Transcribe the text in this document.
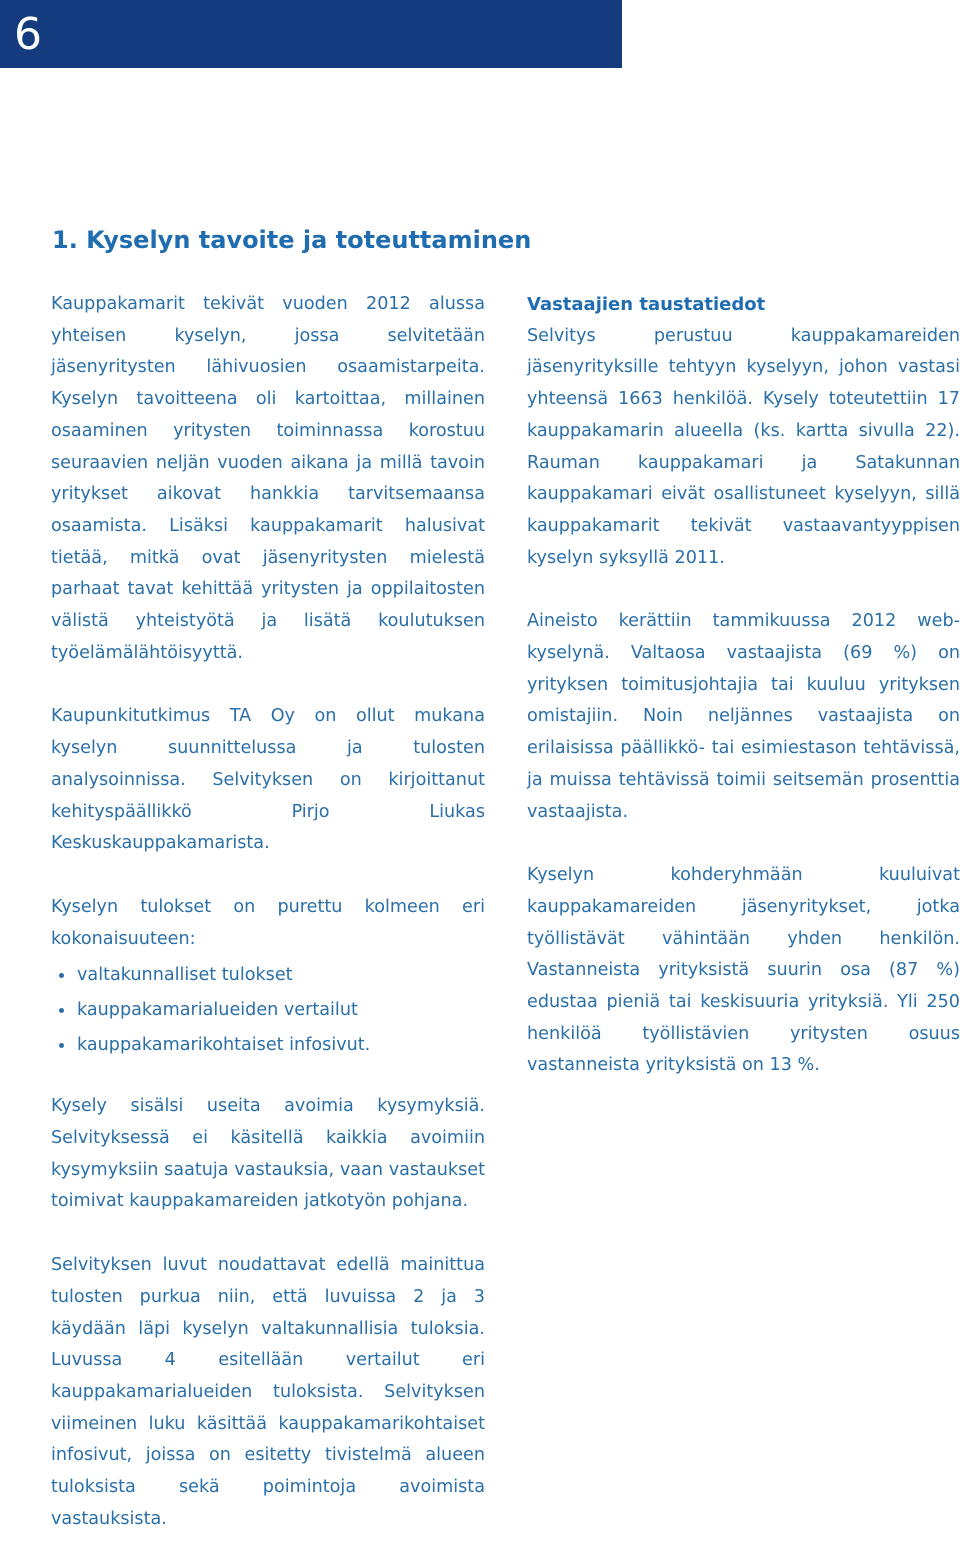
6
1. Kyselyn tavoite ja toteuttaminen

Kauppakamarit tekivät vuoden 2012 alussa yhteisen kyselyn, jossa selvitetään jäsenyritysten lähivuosien osaamistarpeita. Kyselyn tavoitteena oli kartoittaa, millainen osaaminen yritysten toiminnassa korostuu seuraavien neljän vuoden aikana ja millä tavoin yritykset aikovat hankkia tarvitsemaansa osaamista. Lisäksi kauppakamarit halusivat tietää, mitkä ovat jäsenyritysten mielestä parhaat tavat kehittää yritysten ja oppilaitosten välistä yhteistyötä ja lisätä koulutuksen työelämälähtöisyyttä.

Kaupunkitutkimus TA Oy on ollut mukana kyselyn suunnittelussa ja tulosten analysoinnissa. Selvityksen on kirjoittanut kehityspäällikkö Pirjo Liukas Keskuskauppakamarista.

Kyselyn tulokset on purettu kolmeen eri kokonaisuuteen:

valtakunnalliset tulokset
kauppakamarialueiden vertailut
kauppakamarikohtaiset infosivut.

Kysely sisälsi useita avoimia kysymyksiä. Selvityksessä ei käsitellä kaikkia avoimiin kysymyksiin saatuja vastauksia, vaan vastaukset toimivat kauppakamareiden jatkotyön pohjana.

Selvityksen luvut noudattavat edellä mainittua tulosten purkua niin, että luvuissa 2 ja 3 käydään läpi kyselyn valtakunnallisia tuloksia. Luvussa 4 esitellään vertailut eri kauppakamarialueiden tuloksista. Selvityksen viimeinen luku käsittää kauppakamarikohtaiset infosivut, joissa on esitetty tivistelmä alueen tuloksista sekä poimintoja avoimista vastauksista.

Vastaajien taustatiedot

Selvitys perustuu kauppakamareiden jäsenyrityksille tehtyyn kyselyyn, johon vastasi yhteensä 1663 henkilöä. Kysely toteutettiin 17 kauppakamarin alueella (ks. kartta sivulla 22). Rauman kauppakamari ja Satakunnan kauppakamari eivät osallistuneet kyselyyn, sillä kauppakamarit tekivät vastaavantyyppisen kyselyn syksyllä 2011.

Aineisto kerättiin tammikuussa 2012 web-kyselynä. Valtaosa vastaajista (69 %) on yrityksen toimitusjohtajia tai kuuluu yrityksen omistajiin. Noin neljännes vastaajista on erilaisissa päällikkö- tai esimiestason tehtävissä, ja muissa tehtävissä toimii seitsemän prosenttia vastaajista.

Kyselyn kohderyhmään kuuluivat kauppakamareiden jäsenyritykset, jotka työllistävät vähintään yhden henkilön. Vastanneista yrityksistä suurin osa (87 %) edustaa pieniä tai keskisuuria yrityksiä. Yli 250 henkilöä työllistävien yritysten osuus vastanneista yrityksistä on 13 %.
